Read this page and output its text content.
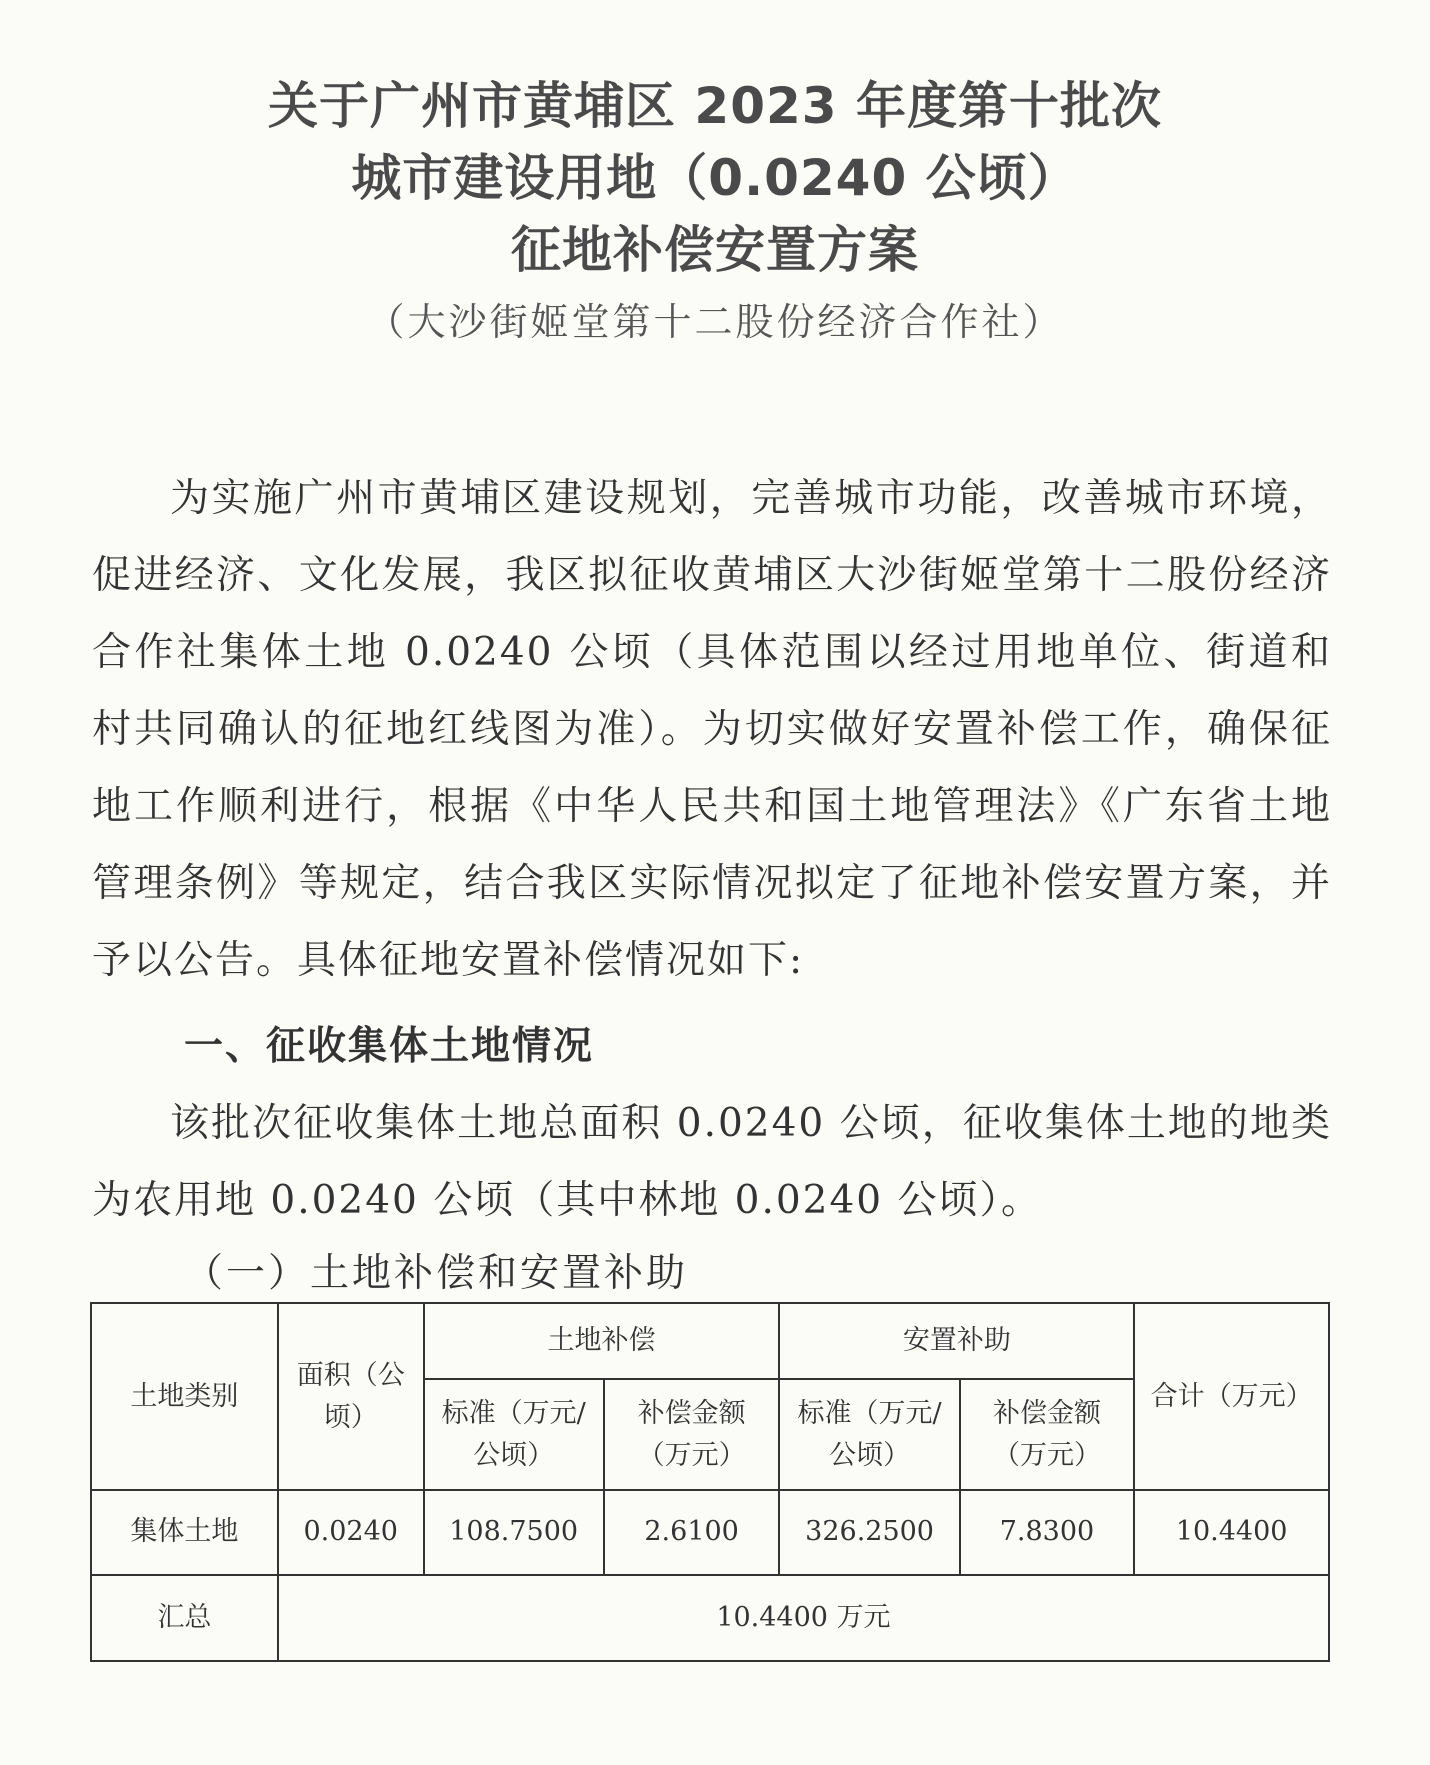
关于广州市黄埔区 2023 年度第十批次
城市建设用地（0.0240 公顷）
征地补偿安置方案
（大沙街姬堂第十二股份经济合作社）

为实施广州市黄埔区建设规划，完善城市功能，改善城市环境，促进经济、文化发展，我区拟征收黄埔区大沙街姬堂第十二股份经济合作社集体土地 0.0240 公顷（具体范围以经过用地单位、街道和村共同确认的征地红线图为准）。为切实做好安置补偿工作，确保征地工作顺利进行，根据《中华人民共和国土地管理法》《广东省土地管理条例》等规定，结合我区实际情况拟定了征地补偿安置方案，并予以公告。具体征地安置补偿情况如下:

一、征收集体土地情况

该批次征收集体土地总面积 0.0240 公顷，征收集体土地的地类为农用地 0.0240 公顷（其中林地 0.0240 公顷）。

（一）土地补偿和安置补助
土地类别	面积（公顷）	土地补偿		安置补助		合计（万元）
		标准（万元/公顷）	补偿金额（万元）	标准（万元/公顷）	补偿金额（万元）	
集体土地	0.0240	108.7500	2.6100	326.2500	7.8300	10.4400
汇总	10.4400 万元					
